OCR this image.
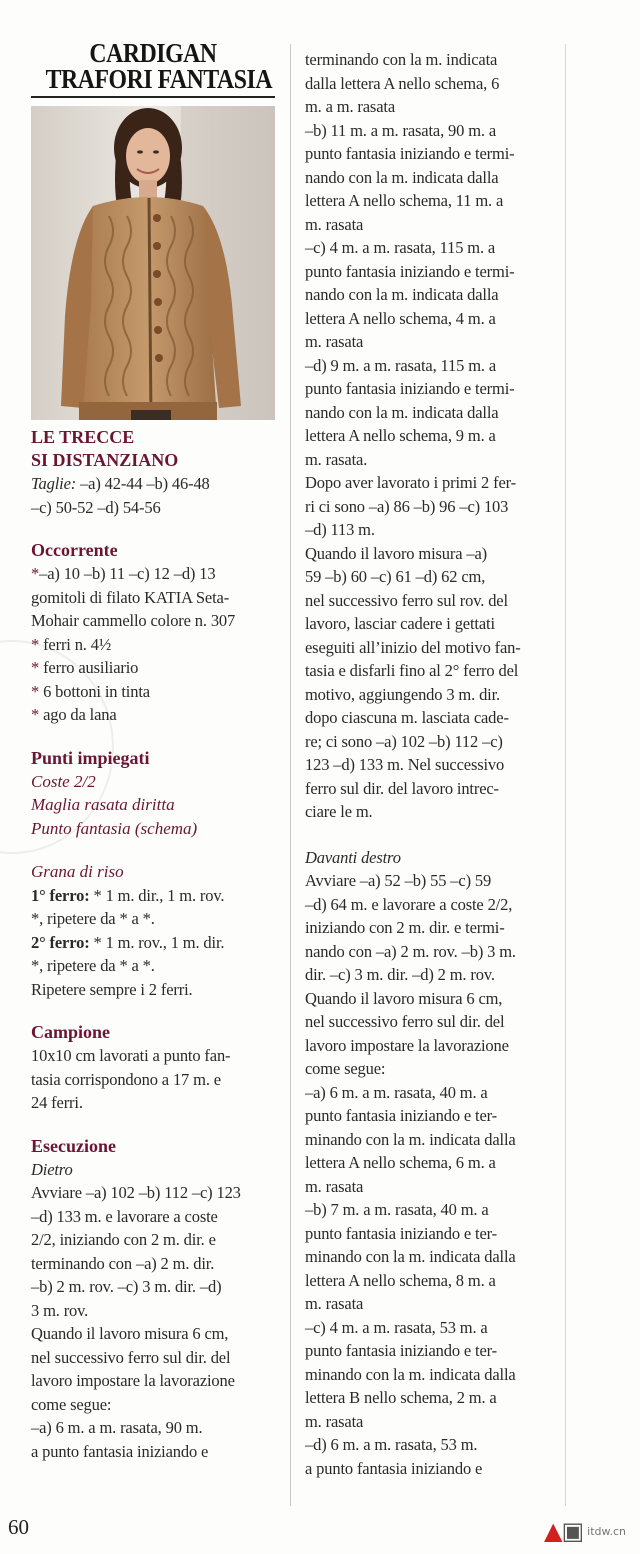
CARDIGAN
TRAFORI FANTASIA
LE TRECCE
SI DISTANZIANO

Taglie: –a) 42-44 –b) 46-48

–c) 50-52 –d) 54-56

Occorrente

*–a) 10 –b) 11 –c) 12 –d) 13

gomitoli di filato KATIA Seta-

Mohair cammello colore n. 307

* ferri n. 4½

* ferro ausiliario

* 6 bottoni in tinta

* ago da lana

Punti impiegati
Coste 2/2
Maglia rasata diritta
Punto fantasia (schema)
Grana di riso

1° ferro: * 1 m. dir., 1 m. rov.

*, ripetere da * a *.

2° ferro: * 1 m. rov., 1 m. dir.

*, ripetere da * a *.

Ripetere sempre i 2 ferri.

Campione

10x10 cm lavorati a punto fan-

tasia corrispondono a 17 m. e

24 ferri.

Esecuzione

Dietro

Avviare –a) 102 –b) 112 –c) 123

–d) 133 m. e lavorare a coste

2/2, iniziando con 2 m. dir. e

terminando con –a) 2 m. dir.

–b) 2 m. rov. –c) 3 m. dir. –d)

3 m. rov.

Quando il lavoro misura 6 cm,

nel successivo ferro sul dir. del

lavoro impostare la lavorazione

come segue:

–a) 6 m. a m. rasata, 90 m.

a punto fantasia iniziando e

terminando con la m. indicata

dalla lettera A nello schema, 6

m. a m. rasata

–b) 11 m. a m. rasata, 90 m. a

punto fantasia iniziando e termi-

nando con la m. indicata dalla

lettera A nello schema, 11 m. a

m. rasata

–c) 4 m. a m. rasata, 115 m. a

punto fantasia iniziando e termi-

nando con la m. indicata dalla

lettera A nello schema, 4 m. a

m. rasata

–d) 9 m. a m. rasata, 115 m. a

punto fantasia iniziando e termi-

nando con la m. indicata dalla

lettera A nello schema, 9 m. a

m. rasata.

Dopo aver lavorato i primi 2 fer-

ri ci sono –a) 86 –b) 96 –c) 103

–d) 113 m.

Quando il lavoro misura –a)

59 –b) 60 –c) 61 –d) 62 cm,

nel successivo ferro sul rov. del

lavoro, lasciar cadere i gettati

eseguiti all’inizio del motivo fan-

tasia e disfarli fino al 2° ferro del

motivo, aggiungendo 3 m. dir.

dopo ciascuna m. lasciata cade-

re; ci sono –a) 102 –b) 112 –c)

123 –d) 133 m. Nel successivo

ferro sul dir. del lavoro intrec-

ciare le m.

Davanti destro

Avviare –a) 52 –b) 55 –c) 59

–d) 64 m. e lavorare a coste 2/2,

iniziando con 2 m. dir. e termi-

nando con –a) 2 m. rov. –b) 3 m.

dir. –c) 3 m. dir. –d) 2 m. rov.

Quando il lavoro misura 6 cm,

nel successivo ferro sul dir. del

lavoro impostare la lavorazione

come segue:

–a) 6 m. a m. rasata, 40 m. a

punto fantasia iniziando e ter-

minando con la m. indicata dalla

lettera A nello schema, 6 m. a

m. rasata

–b) 7 m. a m. rasata, 40 m. a

punto fantasia iniziando e ter-

minando con la m. indicata dalla

lettera A nello schema, 8 m. a

m. rasata

–c) 4 m. a m. rasata, 53 m. a

punto fantasia iniziando e ter-

minando con la m. indicata dalla

lettera B nello schema, 2 m. a

m. rasata

–d) 6 m. a m. rasata, 53 m.

a punto fantasia iniziando e

60	▲▣ itdw.cn
